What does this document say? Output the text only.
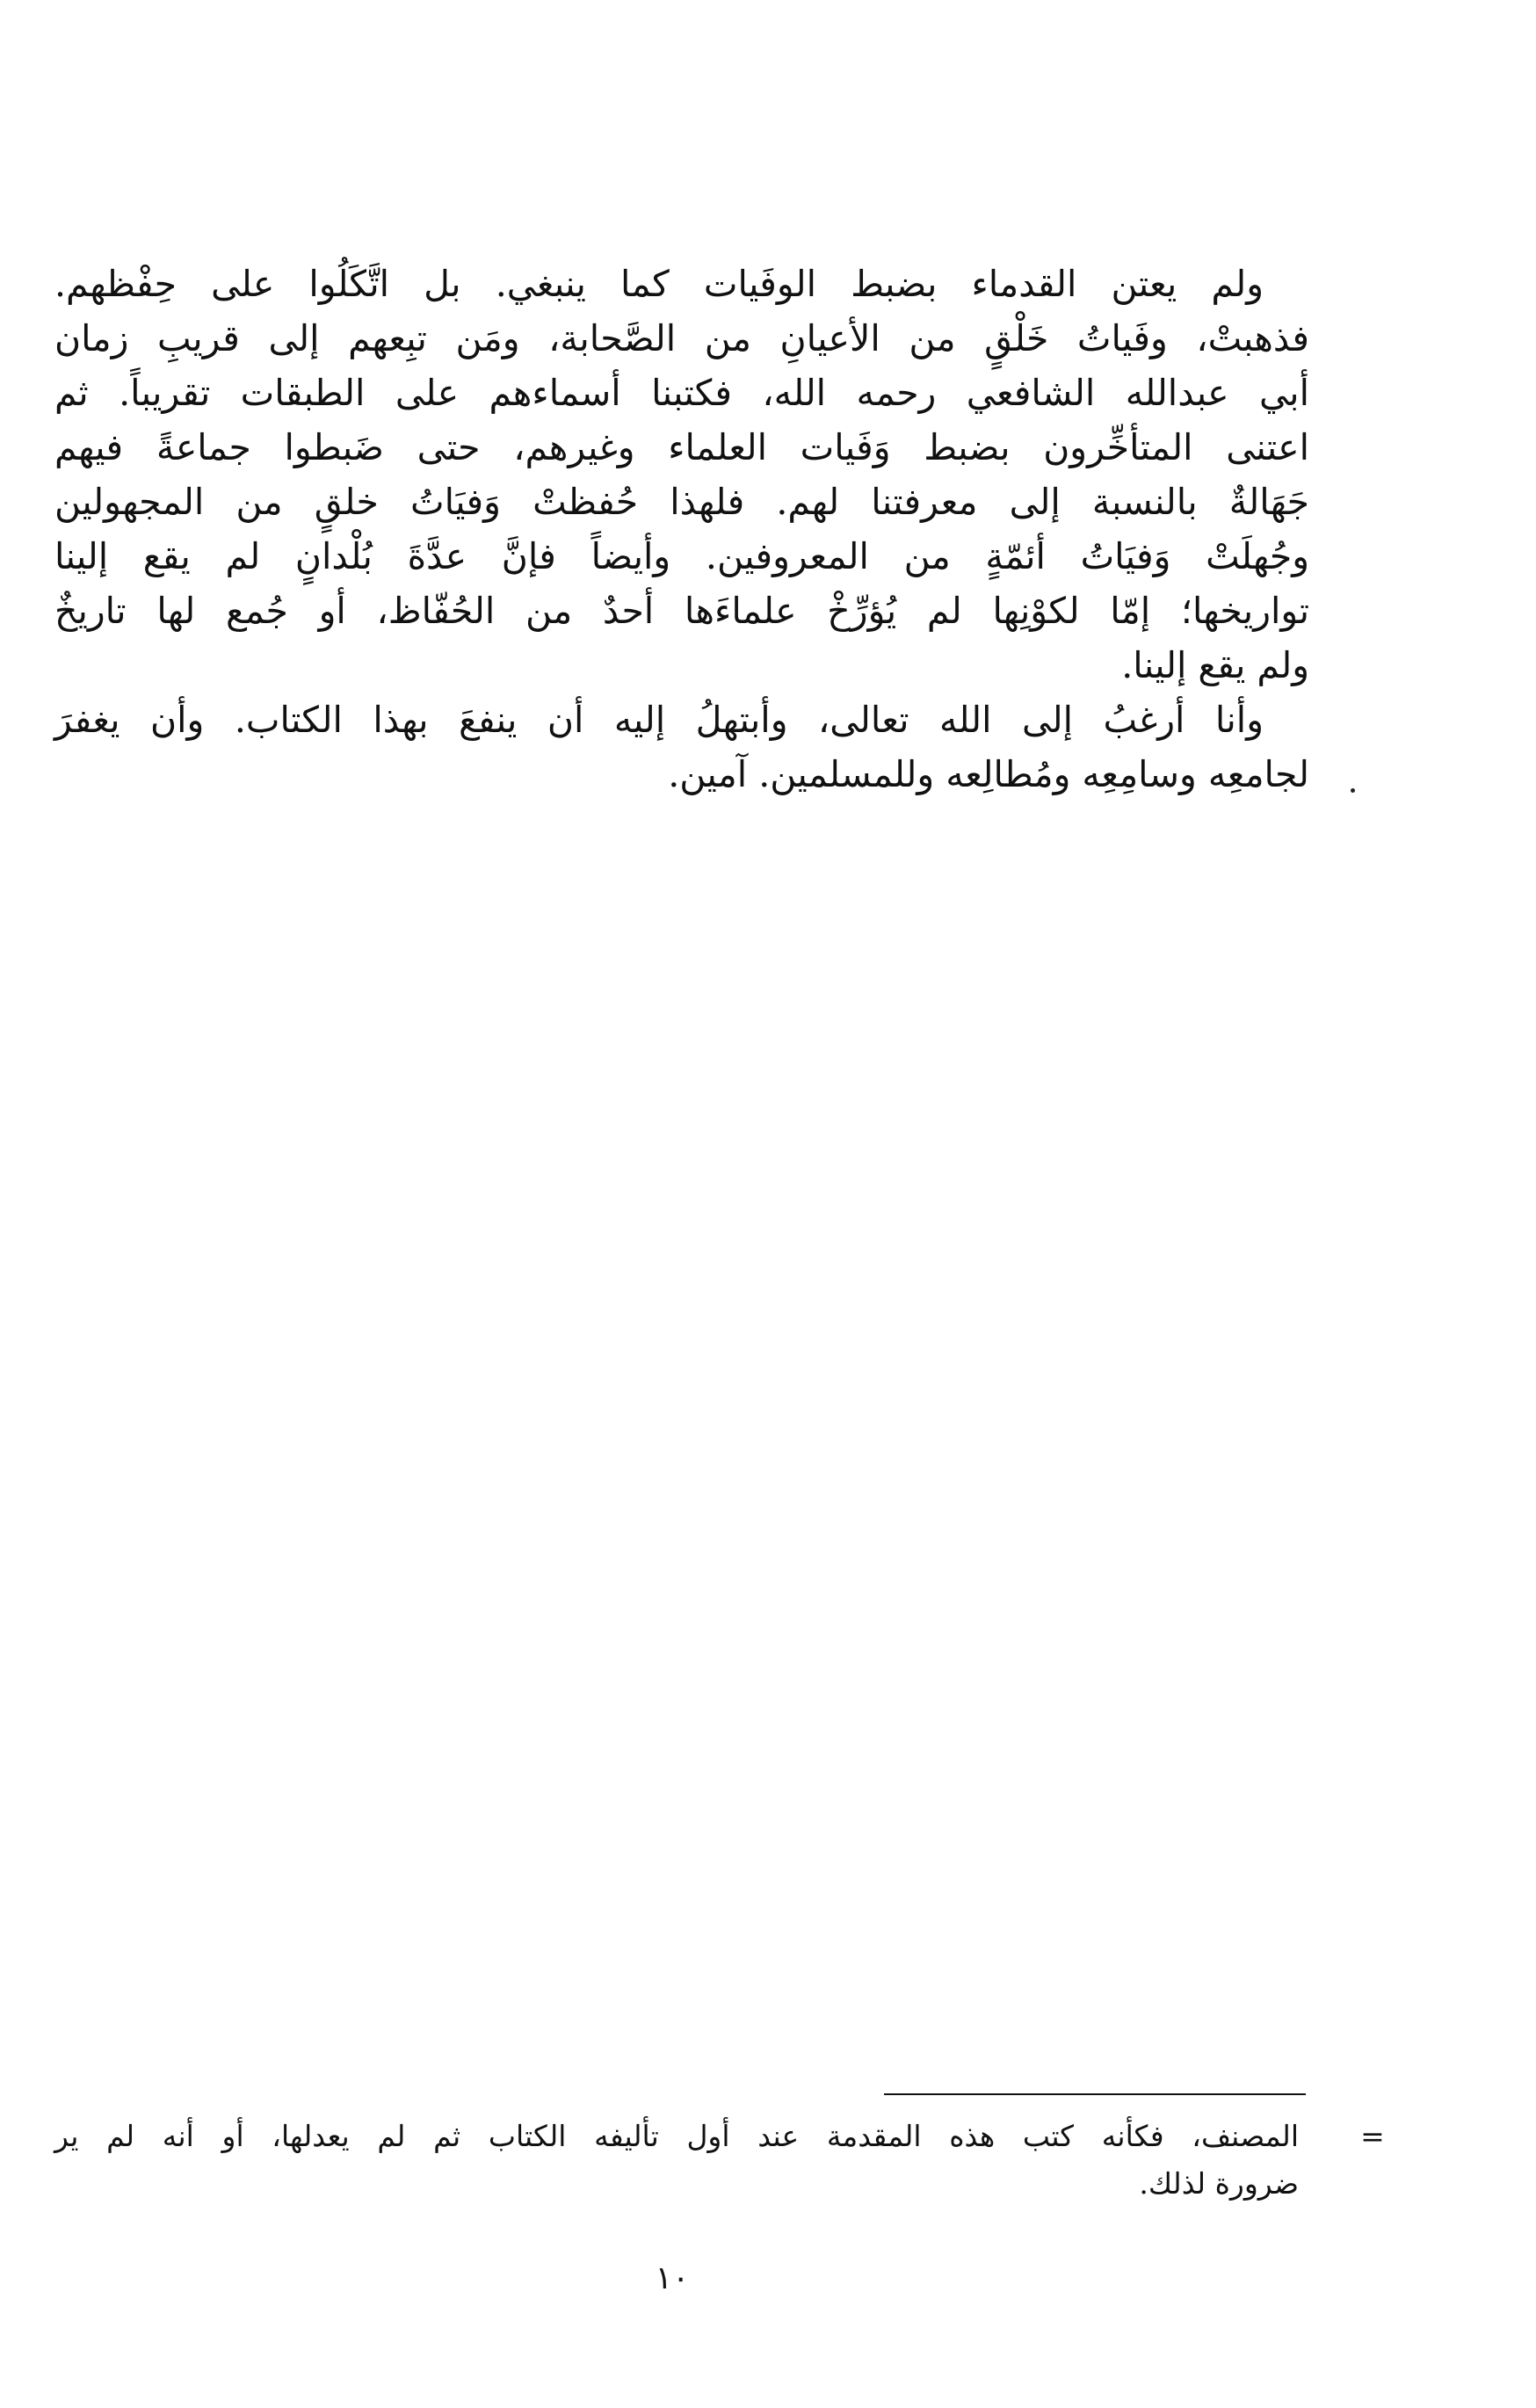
ولم يعتن القدماء بضبط الوفَيات كما ينبغي. بل اتَّكَلُوا على حِفْظهم.
فذهبتْ، وفَياتُ خَلْقٍ من الأعيانِ من الصَّحابة، ومَن تبِعهم إلى قريبِ زمان
أبي عبدالله الشافعي رحمه الله، فكتبنا أسماءهم على الطبقات تقريباً. ثم
اعتنى المتأخِّرون بضبط وَفَيات العلماء وغيرهم، حتى ضَبطوا جماعةً فيهم
جَهَالةٌ بالنسبة إلى معرفتنا لهم. فلهذا حُفظتْ وَفيَاتُ خلقٍ من المجهولين
وجُهلَتْ وَفيَاتُ أئمّةٍ من المعروفين. وأيضاً فإنَّ عدَّةَ بُلْدانٍ لم يقع إلينا
تواريخها؛ إمّا لكوْنِها لم يُؤرِّخْ علماءَها أحدٌ من الحُفّاظ، أو جُمع لها تاريخٌ
ولم يقع إلينا.
وأنا أرغبُ إلى الله تعالى، وأبتهلُ إليه أن ينفعَ بهذا الكتاب. وأن يغفرَ
لجامعِه وسامِعِه ومُطالِعه وللمسلمين. آمين.
=
المصنف، فكأنه كتب هذه المقدمة عند أول تأليفه الكتاب ثم لم يعدلها، أو أنه لم ير
ضرورة لذلك.
١٠
